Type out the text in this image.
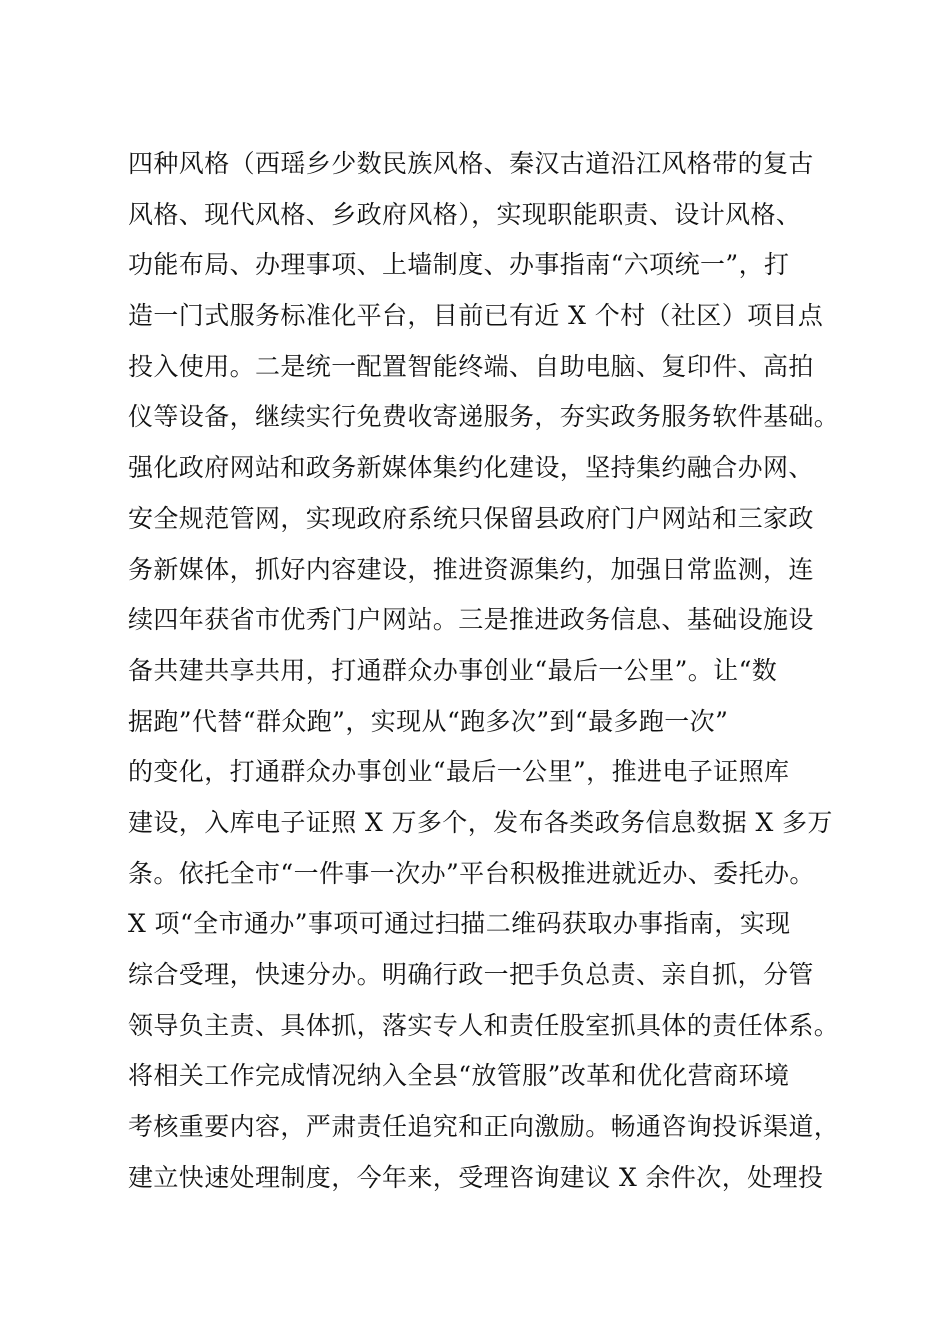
四种风格（西瑶乡少数民族风格、秦汉古道沿江风格带的复古
风格、现代风格、乡政府风格），实现职能职责、设计风格、
功能布局、办理事项、上墙制度、办事指南“六项统一”，打
造一门式服务标准化平台，目前已有近 X 个村（社区）项目点
投入使用。二是统一配置智能终端、自助电脑、复印件、高拍
仪等设备，继续实行免费收寄递服务，夯实政务服务软件基础。
强化政府网站和政务新媒体集约化建设，坚持集约融合办网、
安全规范管网，实现政府系统只保留县政府门户网站和三家政
务新媒体，抓好内容建设，推进资源集约，加强日常监测，连
续四年获省市优秀门户网站。三是推进政务信息、基础设施设
备共建共享共用，打通群众办事创业“最后一公里”。让“数
据跑”代替“群众跑”，实现从“跑多次”到“最多跑一次”
的变化，打通群众办事创业“最后一公里”，推进电子证照库
建设，入库电子证照 X 万多个，发布各类政务信息数据 X 多万
条。依托全市“一件事一次办”平台积极推进就近办、委托办。
X 项“全市通办”事项可通过扫描二维码获取办事指南，实现
综合受理，快速分办。明确行政一把手负总责、亲自抓，分管
领导负主责、具体抓，落实专人和责任股室抓具体的责任体系。
将相关工作完成情况纳入全县“放管服”改革和优化营商环境
考核重要内容，严肃责任追究和正向激励。畅通咨询投诉渠道，
建立快速处理制度，今年来，受理咨询建议 X 余件次，处理投
